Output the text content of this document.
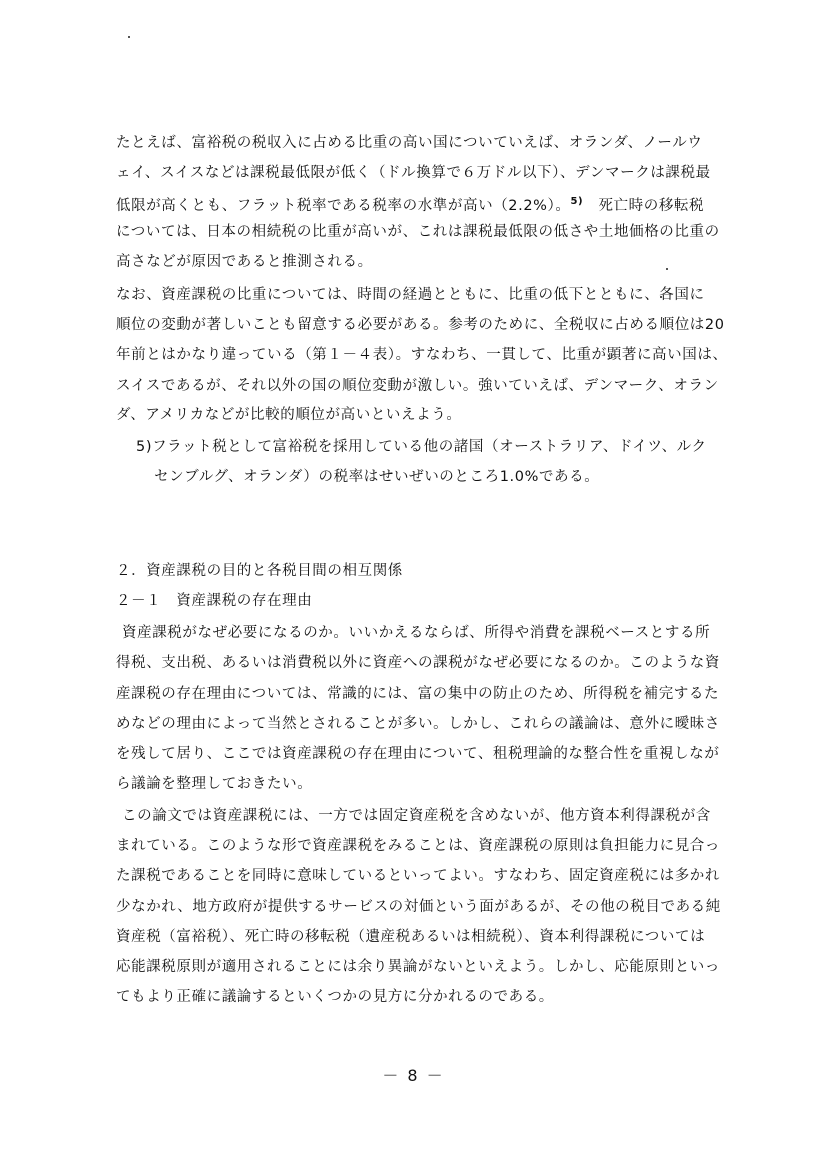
たとえば、富裕税の税収入に占める比重の高い国についていえば、オランダ、ノールウ
ェイ、スイスなどは課税最低限が低く（ドル換算で６万ドル以下）、デンマークは課税最
低限が高くとも、フラット税率である税率の水準が高い（2.2%）。$^{5)}$ 死亡時の移転税
については、日本の相続税の比重が高いが、これは課税最低限の低さや土地価格の比重の
高さなどが原因であると推測される。
なお、資産課税の比重については、時間の経過とともに、比重の低下とともに、各国に
順位の変動が著しいことも留意する必要がある。参考のために、全税収に占める順位は20
年前とはかなり違っている（第１－４表）。すなわち、一貫して、比重が顕著に高い国は、
スイスであるが、それ以外の国の順位変動が激しい。強いていえば、デンマーク、オラン
ダ、アメリカなどが比較的順位が高いといえよう。
5)フラット税として富裕税を採用している他の諸国（オーストラリア、ドイツ、ルク
センブルグ、オランダ）の税率はせいぜいのところ1.0%である。
２．資産課税の目的と各税目間の相互関係
２－１　資産課税の存在理由
資産課税がなぜ必要になるのか。いいかえるならば、所得や消費を課税ベースとする所
得税、支出税、あるいは消費税以外に資産への課税がなぜ必要になるのか。このような資
産課税の存在理由については、常識的には、富の集中の防止のため、所得税を補完するた
めなどの理由によって当然とされることが多い。しかし、これらの議論は、意外に曖昧さ
を残して居り、ここでは資産課税の存在理由について、租税理論的な整合性を重視しなが
ら議論を整理しておきたい。
この論文では資産課税には、一方では固定資産税を含めないが、他方資本利得課税が含
まれている。このような形で資産課税をみることは、資産課税の原則は負担能力に見合っ
た課税であることを同時に意味しているといってよい。すなわち、固定資産税には多かれ
少なかれ、地方政府が提供するサービスの対価という面があるが、その他の税目である純
資産税（富裕税）、死亡時の移転税（遺産税あるいは相続税）、資本利得課税については
応能課税原則が適用されることには余り異論がないといえよう。しかし、応能原則といっ
てもより正確に議論するといくつかの見方に分かれるのである。
－ 8 －
